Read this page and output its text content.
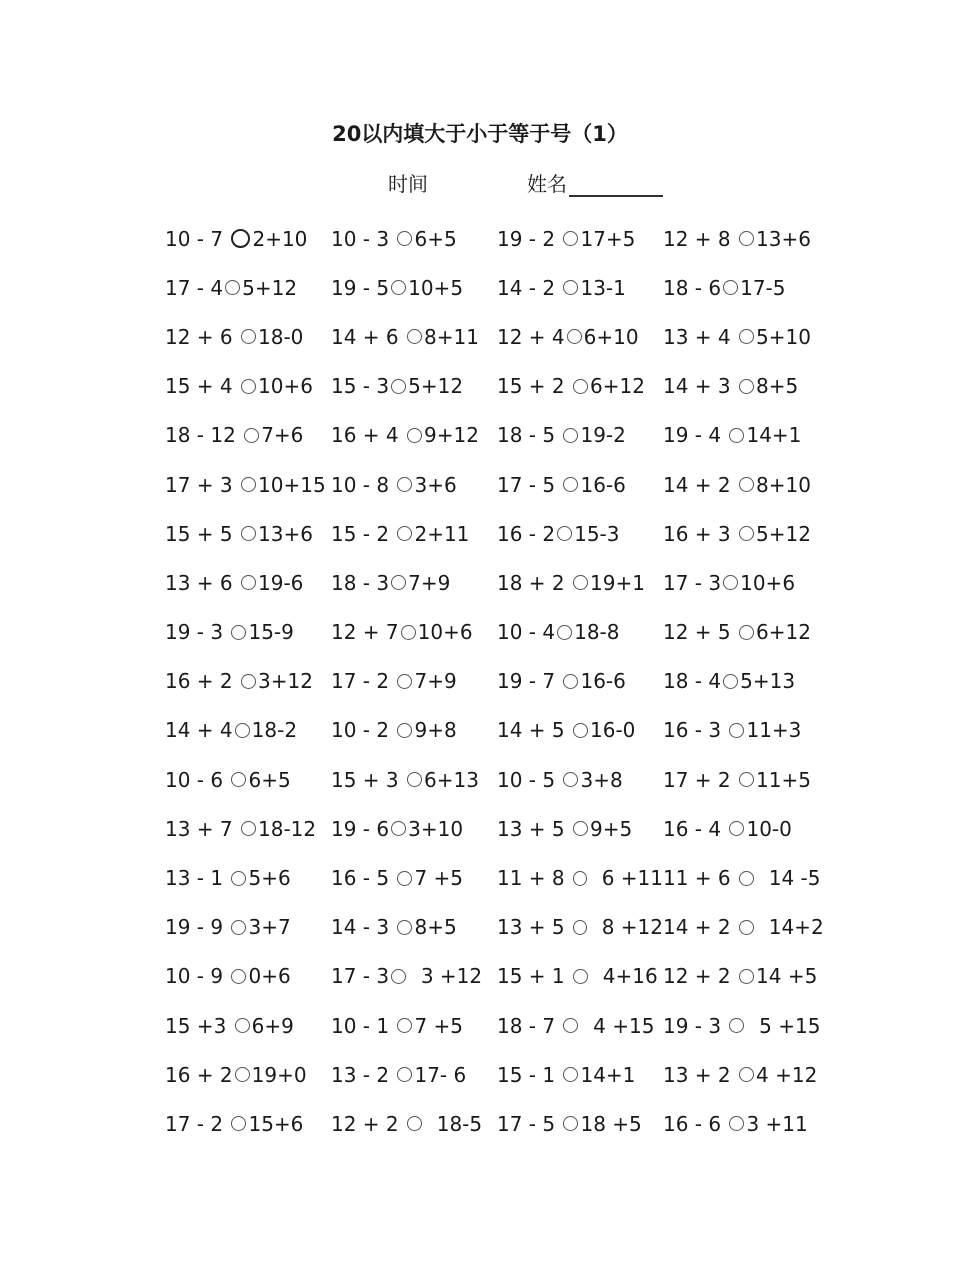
20以内填大于小于等于号（1）
时间	姓名
10 - 7 2+10 10 - 3 6+5 19 - 2 17+5 12 + 8 13+6
17 - 4 5+12 19 - 5 10+5 14 - 2 13-1 18 - 6 17-5
12 + 6 18-0 14 + 6 8+11 12 + 4 6+10 13 + 4 5+10
15 + 4 10+6 15 - 3 5+12 15 + 2 6+12 14 + 3 8+5
18 - 12 7+6 16 + 4 9+12 18 - 5 19-2 19 - 4 14+1
17 + 3 10+15 10 - 8 3+6 17 - 5 16-6 14 + 2 8+10
15 + 5 13+6 15 - 2 2+11 16 - 2 15-3 16 + 3 5+12
13 + 6 19-6 18 - 3 7+9 18 + 2 19+1 17 - 3 10+6
19 - 3 15-9 12 + 7 10+6 10 - 4 18-8 12 + 5 6+12
16 + 2 3+12 17 - 2 7+9 19 - 7 16-6 18 - 4 5+13
14 + 4 18-2 10 - 2 9+8 14 + 5 16-0 16 - 3 11+3
10 - 6 6+5 15 + 3 6+13 10 - 5 3+8 17 + 2 11+5
13 + 7 18-12 19 - 6 3+10 13 + 5 9+5 16 - 4 10-0
13 - 1 5+6 16 - 5 7 +5 11 + 8 6 +11 11 + 6 14 -5
19 - 9 3+7 14 - 3 8+5 13 + 5 8 +12 14 + 2 14+2
10 - 9 0+6 17 - 3 3 +12 15 + 1 4+16 12 + 2 14 +5
15 +3 6+9 10 - 1 7 +5 18 - 7 4 +15 19 - 3 5 +15
16 + 2 19+0 13 - 2 17- 6 15 - 1 14+1 13 + 2 4 +12
17 - 2 15+6 12 + 2 18-5 17 - 5 18 +5 16 - 6 3 +11
